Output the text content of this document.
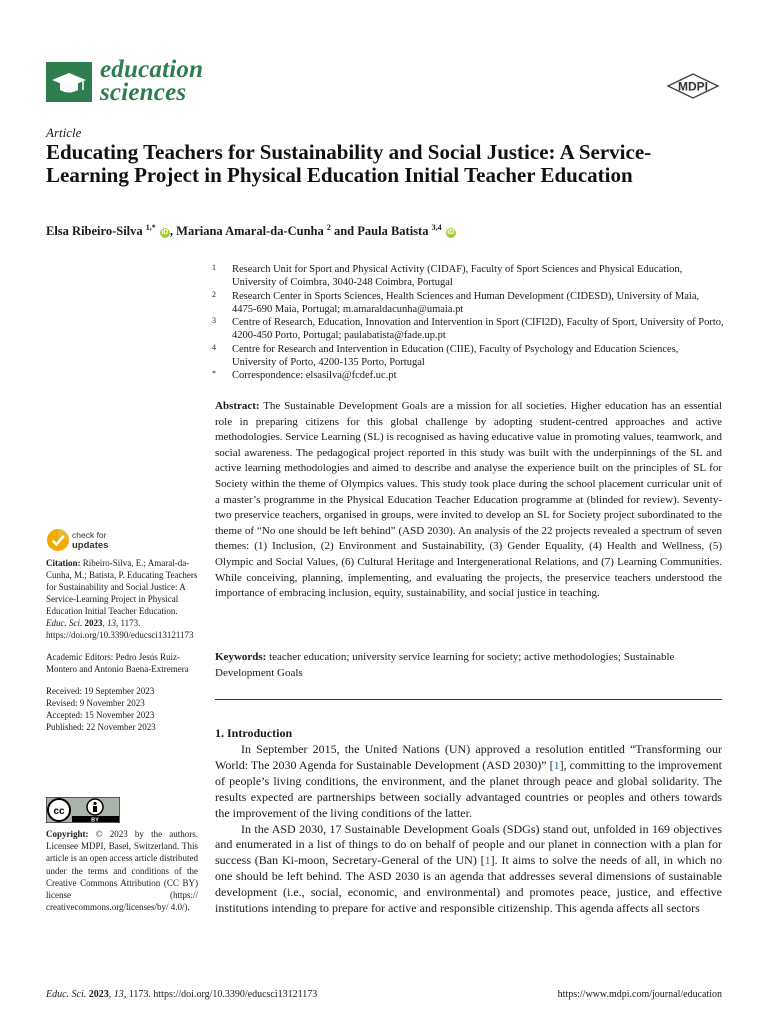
education
sciences	MDPI
Article
Educating Teachers for Sustainability and Social Justice: A Service-Learning Project in Physical Education Initial Teacher Education
Elsa Ribeiro-Silva $^{1,*}$ iD , Mariana Amaral-da-Cunha $^2$ and Paula Batista $^{3,4}$ iD
1 Research Unit for Sport and Physical Activity (CIDAF), Faculty of Sport Sciences and Physical Education, University of Coimbra, 3040-248 Coimbra, Portugal
2 Research Center in Sports Sciences, Health Sciences and Human Development (CIDESD), University of Maia, 4475-690 Maia, Portugal; m.amaraldacunha@umaia.pt
3 Centre of Research, Education, Innovation and Intervention in Sport (CIFI2D), Faculty of Sport, University of Porto, 4200-450 Porto, Portugal; paulabatista@fade.up.pt
4 Centre for Research and Intervention in Education (CIIE), Faculty of Psychology and Education Sciences, University of Porto, 4200-135 Porto, Portugal
* Correspondence: elsasilva@fcdef.uc.pt
Abstract: The Sustainable Development Goals are a mission for all societies. Higher education has an essential role in preparing citizens for this global challenge by adopting student-centred approaches and active methodologies. Service Learning (SL) is recognised as having educative value in promoting values, teamwork, and social awareness. The pedagogical project reported in this study was built with the underpinnings of the SL and active learning methodologies and aimed to describe and analyse the experience built on the principles of SL for Society within the theme of Olympics values. This study took place during the school placement curricular unit of a master’s programme in the Physical Education Teacher Education programme at (blinded for review). Seventy-two preservice teachers, organised in groups, were invited to develop an SL for Society project subordinated to the theme of “No one should be left behind” (ASD 2030). An analysis of the 22 projects revealed a spectrum of seven themes: (1) Inclusion, (2) Environment and Sustainability, (3) Gender Equality, (4) Health and Wellness, (5) Olympic and Social Values, (6) Cultural Heritage and Intergenerational Relations, and (7) Learning Communities. While conceiving, planning, implementing, and evaluating the projects, the preservice teachers understood the importance of embracing inclusion, equity, sustainability, and social justice in teaching.
Keywords: teacher education; university service learning for society; active methodologies; Sustainable Development Goals
1. Introduction

In September 2015, the United Nations (UN) approved a resolution entitled “Transforming our World: The 2030 Agenda for Sustainable Development (ASD 2030)” [1], committing to the improvement of people’s living conditions, the environment, and the planet through peace and global solidarity. The results expected are partnerships between socially advantaged countries or peoples and others towards the improvement of the living conditions of the latter.

In the ASD 2030, 17 Sustainable Development Goals (SDGs) stand out, unfolded in 169 objectives and enumerated in a list of things to do on behalf of people and our planet in connection with a plan for success (Ban Ki-moon, Secretary-General of the UN) [1]. It aims to solve the needs of all, in which no one should be left behind. The ASD 2030 is an agenda that addresses several dimensions of sustainable development (i.e., social, economic, and environmental) and promotes peace, justice, and effective institutions intending to prepare for active and responsible citizenship. This agenda affects all sectors

check for
updates

Citation: Ribeiro-Silva, E.; Amaral-da-Cunha, M.; Batista, P. Educating Teachers for Sustainability and Social Justice: A Service-Learning Project in Physical Education Initial Teacher Education. Educ. Sci. 2023, 13, 1173. https://doi.org/10.3390/educsci13121173

Academic Editors: Pedro Jesús Ruiz-Montero and Antonio Baena-Extremera

Received: 19 September 2023
Revised: 9 November 2023
Accepted: 15 November 2023
Published: 22 November 2023

cc
BY
Copyright: © 2023 by the authors. Licensee MDPI, Basel, Switzerland. This article is an open access article distributed under the terms and conditions of the Creative Commons Attribution (CC BY) license (https:// creativecommons.org/licenses/by/ 4.0/).
Educ. Sci. 2023, 13, 1173. https://doi.org/10.3390/educsci13121173	https://www.mdpi.com/journal/education
